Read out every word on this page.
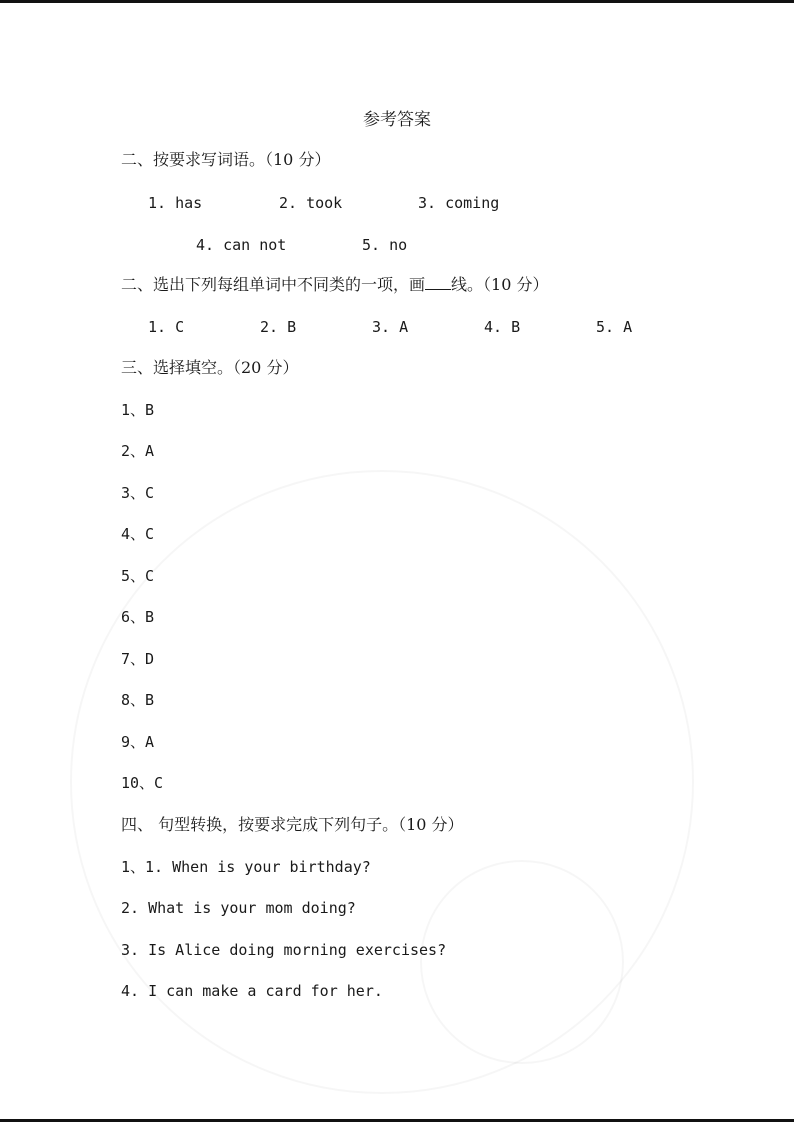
参考答案
二、按要求写词语。（10 分）
1. has	2. took	3. coming
4. can not	5. no
二、选出下列每组单词中不同类的一项，画 线。（10 分）
1. C	2. B	3. A	4. B	5. A
三、选择填空。（20 分）
1、B
2、A
3、C
4、C
5、C
6、B
7、D
8、B
9、A
10、C
四、 句型转换，按要求完成下列句子。（10 分）
1、1. When is your birthday?
2. What is your mom doing?
3. Is Alice doing morning exercises?
4. I can make a card for her.
